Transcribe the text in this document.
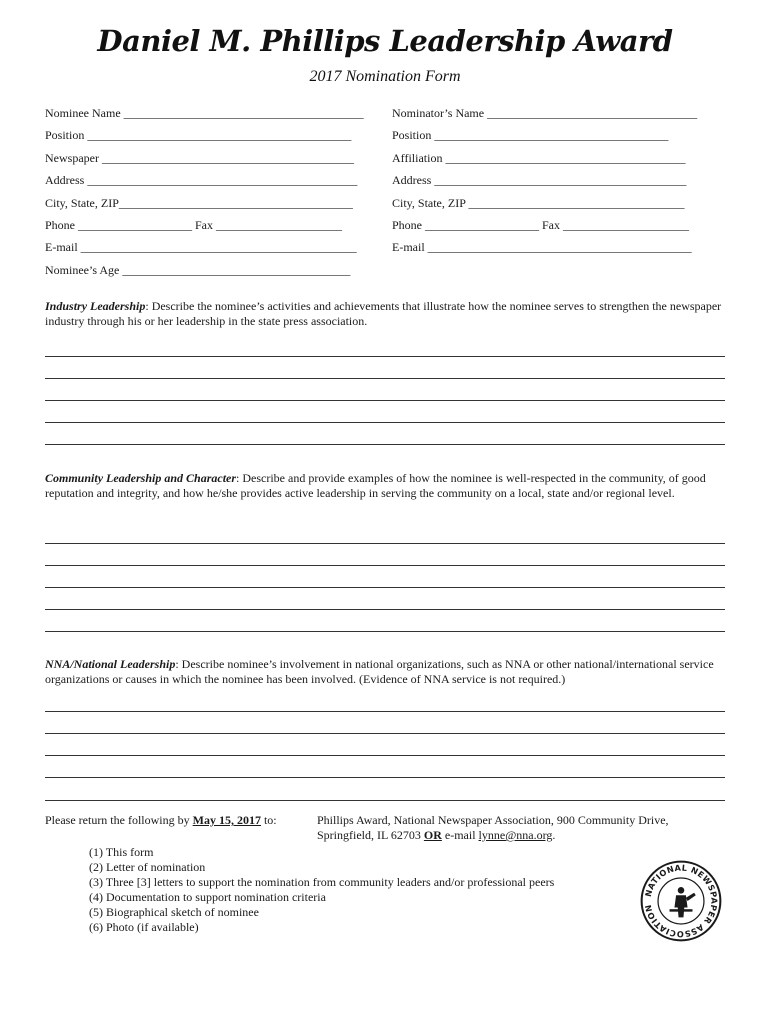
Daniel M. Phillips Leadership Award
2017 Nomination Form
Nominee Name ________________________________________
Position ____________________________________________
Newspaper __________________________________________
Address _____________________________________________
City, State, ZIP_______________________________________
Phone ___________________ Fax _____________________
E-mail ______________________________________________
Nominee’s Age ______________________________________
Nominator’s Name ___________________________________
Position _______________________________________
Affiliation ________________________________________
Address __________________________________________
City, State, ZIP ____________________________________
Phone ___________________ Fax _____________________
E-mail ____________________________________________
Industry Leadership: Describe the nominee’s activities and achievements that illustrate how the nominee serves to strengthen the newspaper industry through his or her leadership in the state press association.
Community Leadership and Character: Describe and provide examples of how the nominee is well-respected in the community, of good reputation and integrity, and how he/she provides active leadership in serving the community on a local, state and/or regional level.
NNA/National Leadership: Describe nominee’s involvement in national organizations, such as NNA or other national/international service organizations or causes in which the nominee has been involved. (Evidence of NNA service is not required.)
Please return the following by May 15, 2017 to:	Phillips Award, National Newspaper Association, 900 Community Drive,
Springfield, IL 62703 OR e-mail lynne@nna.org.
(1) This form
(2) Letter of nomination
(3) Three [3] letters to support the nomination from community leaders and/or professional peers
(4) Documentation to support nomination criteria
(5) Biographical sketch of nominee
(6) Photo (if available)
NATIONAL NEWSPAPER ASSOCIATION
